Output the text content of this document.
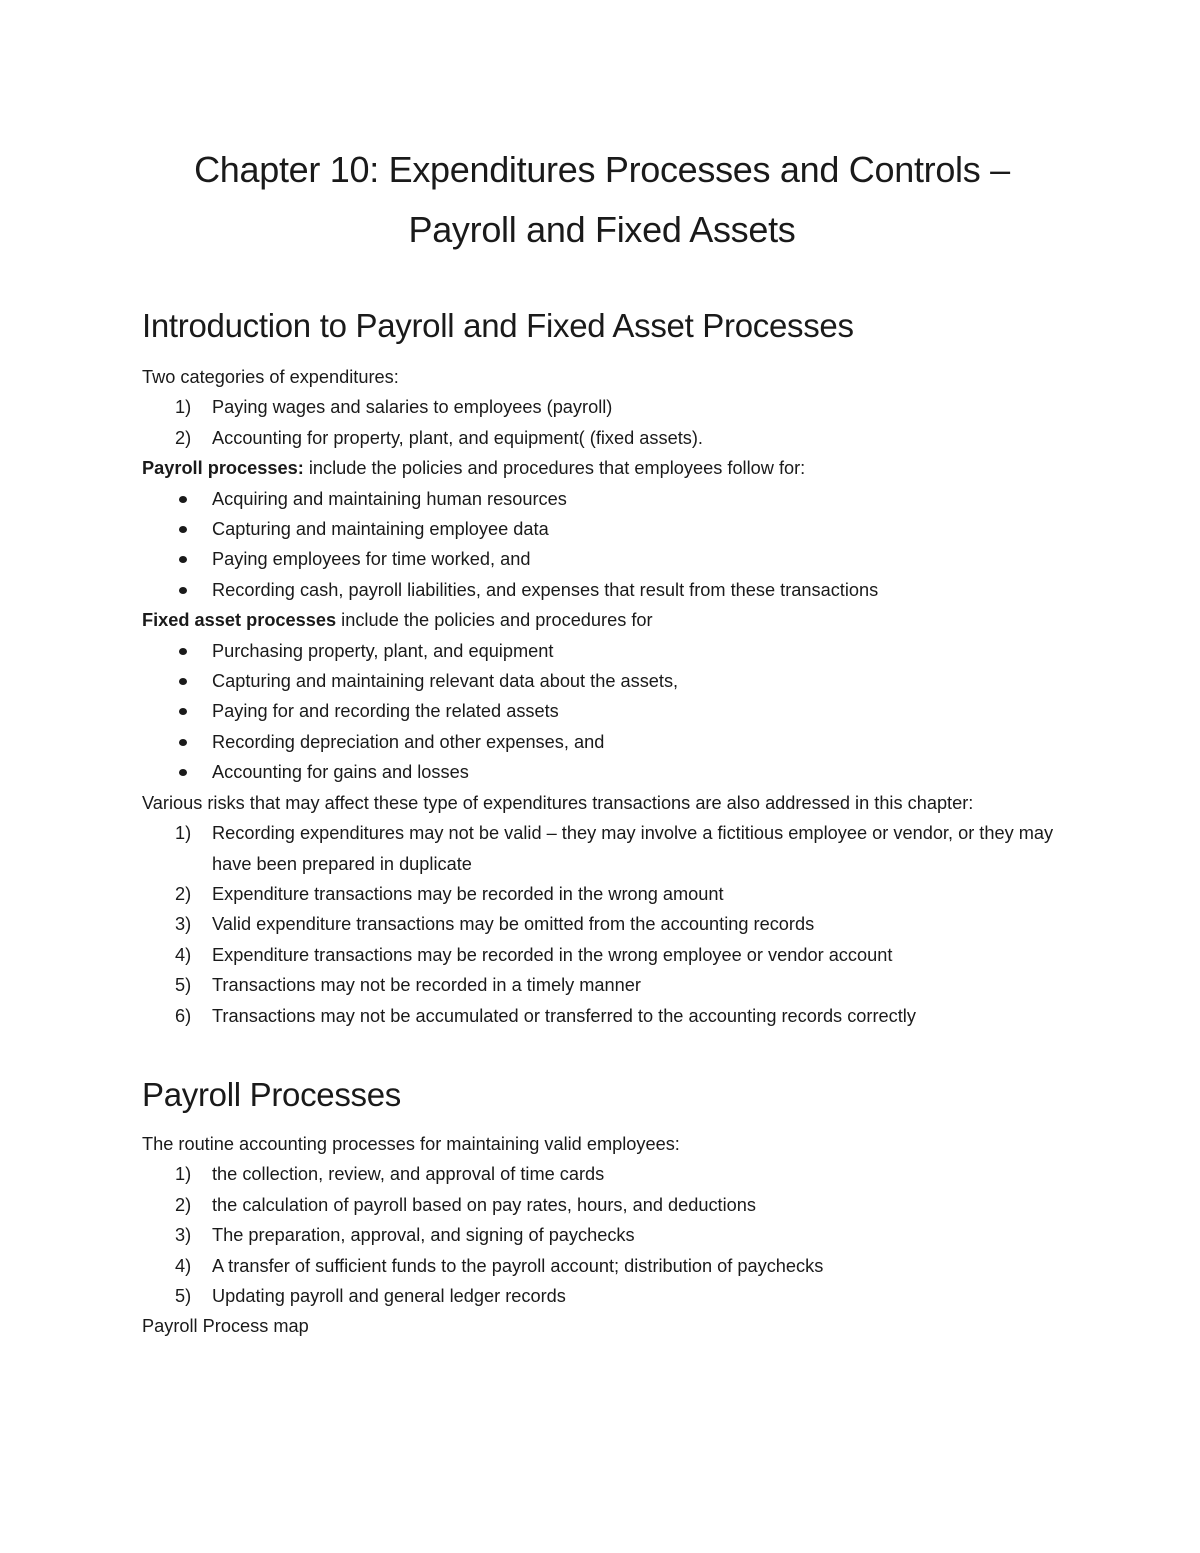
Chapter 10: Expenditures Processes and Controls –
Payroll and Fixed Assets
Introduction to Payroll and Fixed Asset Processes

Two categories of expenditures:

1) Paying wages and salaries to employees (payroll)
2) Accounting for property, plant, and equipment( (fixed assets).

Payroll processes: include the policies and procedures that employees follow for:

Acquiring and maintaining human resources
Capturing and maintaining employee data
Paying employees for time worked, and
Recording cash, payroll liabilities, and expenses that result from these transactions

Fixed asset processes include the policies and procedures for

Purchasing property, plant, and equipment
Capturing and maintaining relevant data about the assets,
Paying for and recording the related assets
Recording depreciation and other expenses, and
Accounting for gains and losses

Various risks that may affect these type of expenditures transactions are also addressed in this chapter:

1) Recording expenditures may not be valid – they may involve a fictitious employee or vendor, or they may have been prepared in duplicate
2) Expenditure transactions may be recorded in the wrong amount
3) Valid expenditure transactions may be omitted from the accounting records
4) Expenditure transactions may be recorded in the wrong employee or vendor account
5) Transactions may not be recorded in a timely manner
6) Transactions may not be accumulated or transferred to the accounting records correctly
Payroll Processes

The routine accounting processes for maintaining valid employees:

1) the collection, review, and approval of time cards
2) the calculation of payroll based on pay rates, hours, and deductions
3) The preparation, approval, and signing of paychecks
4) A transfer of sufficient funds to the payroll account; distribution of paychecks
5) Updating payroll and general ledger records

Payroll Process map
